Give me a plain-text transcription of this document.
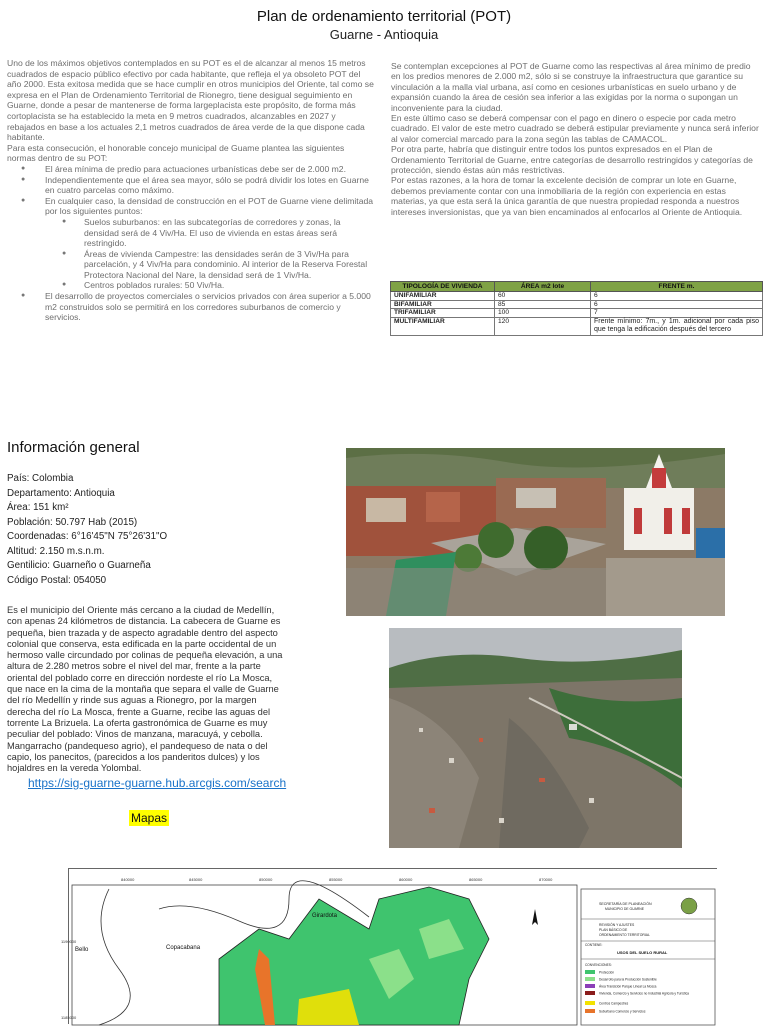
Plan de ordenamiento territorial (POT)
Guarne - Antioquia

Uno de los máximos objetivos contemplados en su POT es el de alcanzar al menos 15 metros cuadrados de espacio público efectivo por cada habitante, que refleja el ya obsoleto POT del año 2000. Esta exitosa medida que se hace cumplir en otros municipios del Oriente, tal como se expresa en el Plan de Ordenamiento Territorial de Rionegro, tiene desigual seguimiento en Guarne, donde a pesar de mantenerse de forma largeplacista este propósito, de forma más cortoplacista se ha establecido la meta en 9 metros cuadrados, alcanzables en 2027 y rebajados en base a los actuales 2,1 metros cuadrados de área verde de la que dispone cada habitante.

Para esta consecución, el honorable concejo municipal de Guame plantea las siguientes normas dentro de su POT:

● El área mínima de predio para actuaciones urbanísticas debe ser de 2.000 m2.
● Independientemente que el área sea mayor, sólo se podrá dividir los lotes en Guarne en cuatro parcelas como máximo.
● En cualquier caso, la densidad de construcción en el POT de Guarne viene delimitada por los siguientes puntos:
● Suelos suburbanos: en las subcategorías de corredores y zonas, la densidad será de 4 Viv/Ha. El uso de vivienda en estas áreas será restringido.
● Áreas de vivienda Campestre: las densidades serán de 3 Viv/Ha para parcelación, y 4 Viv/Ha para condominio. Al interior de la Reserva Forestal Protectora Nacional del Nare, la densidad será de 1 Viv/Ha.
● Centros poblados rurales: 50 Viv/Ha.
● El desarrollo de proyectos comerciales o servicios privados con área superior a 5.000 m2 construidos solo se permitirá en los corredores suburbanos de comercio y servicios.

Se contemplan excepciones al POT de Guarne como las respectivas al área mínimo de predio en los predios menores de 2.000 m2, sólo si se construye la infraestructura que garantice su vinculación a la malla vial urbana, así como en cesiones urbanísticas en suelo urbano y de expansión cuando la área de cesión sea inferior a las exigidas por la norma o supongan un inconveniente para la ciudad.

En este último caso se deberá compensar con el pago en dinero o especie por cada metro cuadrado. El valor de este metro cuadrado se deberá estipular previamente y nunca será inferior al valor comercial marcado para la zona según las tablas de CAMACOL.

Por otra parte, habría que distinguir entre todos los puntos expresados en el Plan de Ordenamiento Territorial de Guarne, entre categorías de desarrollo restringidos y categorías de protección, siendo éstas aún más restrictivas.

Por estas razones, a la hora de tomar la excelente decisión de comprar un lote en Guarne, debemos previamente contar con una inmobiliaria de la región con experiencia en estas materias, ya que esta será la única garantía de que nuestra propiedad responda a nuestros intereses inversionistas, que ya van bien encaminados al enfocarlos al Oriente de Antioquia.

TIPOLOGÍA DE VIVIENDA	ÁREA m2 lote	FRENTE m.
UNIFAMILIAR	60	6
BIFAMILIAR	85	6
TRIFAMILIAR	100	7
MULTIFAMILIAR	120	Frente mínimo: 7m., y 1m. adicional por cada piso que tenga la edificación después del tercero
Información general
País: Colombia
Departamento: Antioquia
Área: 151 km²
Población: 50.797 Hab (2015)
Coordenadas: 6°16'45"N 75°26'31"O
Altitud: 2.150 m.s.n.m.
Gentilicio: Guarneño o Guarneña
Código Postal: 054050
Es el municipio del Oriente más cercano a la ciudad de Medellín, con apenas 24 kilómetros de distancia. La cabecera de Guarne es pequeña, bien trazada y de aspecto agradable dentro del aspecto colonial que conserva, esta edificada en la parte occidental de un hermoso valle circundado por colinas de pequeña elevación, a una altura de 2.280 metros sobre el nivel del mar, frente a la parte oriental del poblado corre en dirección nordeste el río La Mosca, que nace en la cima de la montaña que separa el valle de Guarne del río Medellín y rinde sus aguas a Rionegro, por la margen derecha del río La Mosca, frente a Guarne, recibe las aguas del torrente La Brizuela. La oferta gastronómica de Guarne es muy peculiar del poblado: Vinos de manzana, maracuyá, y cebolla. Mangarracho (pandequeso agrio), el pandequeso de nata o del capio, los panecitos, (parecidos a los panderitos dulces) y los hojaldres en la vereda Yolombal.
https://sig-guarne-guarne.hub.arcgis.com/search
Mapas
840000	845000	850000	855000	860000	865000	870000
1190000
1185000
Girardota
Bello	Copacabana
SECRETARÍA DE PLANEACIÓN
MUNICIPIO DE GUARNE
REVISIÓN Y AJUSTES
PLAN BÁSICO DE
ORDENAMIENTO TERRITORIAL
CONTIENE:
USOS DEL SUELO RURAL
CONVENCIONES:
Protección
Desarrollo para la Producción Sostenible
Área Transición Parque Lineal La Mosca
Vivienda, Comercio y Servicios no Industrial Agrícola y Turística
Centros Campestres
Suburbano Comercio y Servicios
